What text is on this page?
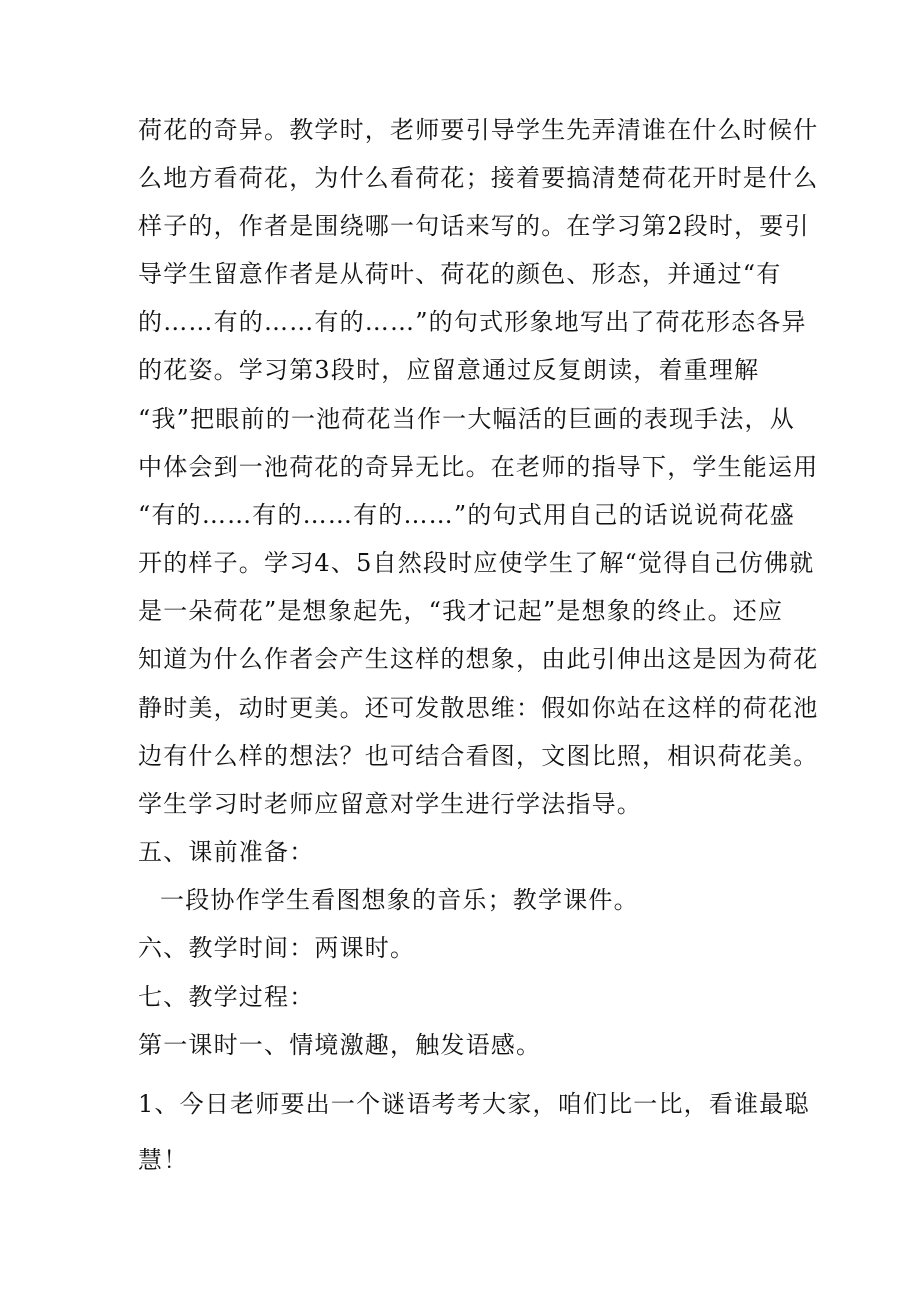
荷花的奇异。教学时，老师要引导学生先弄清谁在什么时候什
么地方看荷花，为什么看荷花；接着要搞清楚荷花开时是什么
样子的，作者是围绕哪一句话来写的。在学习第2段时，要引
导学生留意作者是从荷叶、荷花的颜色、形态，并通过“有
的……有的……有的……”的句式形象地写出了荷花形态各异
的花姿。学习第3段时，应留意通过反复朗读，着重理解
“我”把眼前的一池荷花当作一大幅活的巨画的表现手法，从
中体会到一池荷花的奇异无比。在老师的指导下，学生能运用
“有的……有的……有的……”的句式用自己的话说说荷花盛
开的样子。学习4、5自然段时应使学生了解“觉得自己仿佛就
是一朵荷花”是想象起先，“我才记起”是想象的终止。还应
知道为什么作者会产生这样的想象，由此引伸出这是因为荷花
静时美，动时更美。还可发散思维：假如你站在这样的荷花池
边有什么样的想法？也可结合看图，文图比照，相识荷花美。
学生学习时老师应留意对学生进行学法指导。
五、课前准备：
一段协作学生看图想象的音乐；教学课件。
六、教学时间：两课时。
七、教学过程：
第一课时一、情境激趣，触发语感。
1、今日老师要出一个谜语考考大家，咱们比一比，看谁最聪
慧！
